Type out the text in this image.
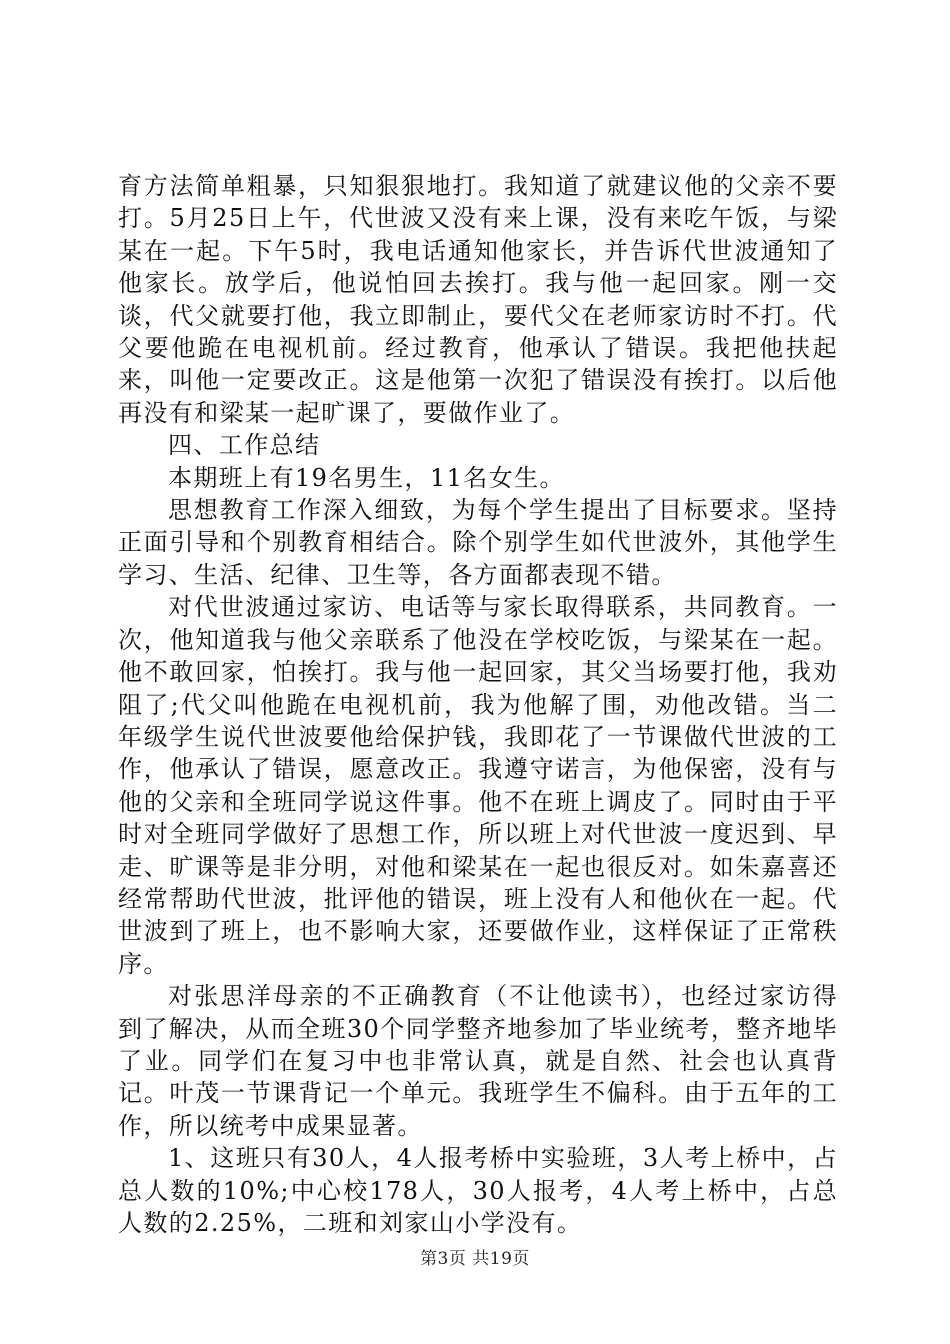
育方法简单粗暴，只知狠狠地打。我知道了就建议他的父亲不要打。5月25日上午，代世波又没有来上课，没有来吃午饭，与梁某在一起。下午5时，我电话通知他家长，并告诉代世波通知了他家长。放学后，他说怕回去挨打。我与他一起回家。刚一交谈，代父就要打他，我立即制止，要代父在老师家访时不打。代父要他跪在电视机前。经过教育，他承认了错误。我把他扶起来，叫他一定要改正。这是他第一次犯了错误没有挨打。以后他再没有和梁某一起旷课了，要做作业了。

四、工作总结

本期班上有19名男生，11名女生。

思想教育工作深入细致，为每个学生提出了目标要求。坚持正面引导和个别教育相结合。除个别学生如代世波外，其他学生学习、生活、纪律、卫生等，各方面都表现不错。

对代世波通过家访、电话等与家长取得联系，共同教育。一次，他知道我与他父亲联系了他没在学校吃饭，与梁某在一起。他不敢回家，怕挨打。我与他一起回家，其父当场要打他，我劝阻了;代父叫他跪在电视机前，我为他解了围，劝他改错。当二年级学生说代世波要他给保护钱，我即花了一节课做代世波的工作，他承认了错误，愿意改正。我遵守诺言，为他保密，没有与他的父亲和全班同学说这件事。他不在班上调皮了。同时由于平时对全班同学做好了思想工作，所以班上对代世波一度迟到、早走、旷课等是非分明，对他和梁某在一起也很反对。如朱嘉喜还经常帮助代世波，批评他的错误，班上没有人和他伙在一起。代世波到了班上，也不影响大家，还要做作业，这样保证了正常秩序。

对张思洋母亲的不正确教育（不让他读书），也经过家访得到了解决，从而全班30个同学整齐地参加了毕业统考，整齐地毕了业。同学们在复习中也非常认真，就是自然、社会也认真背记。叶茂一节课背记一个单元。我班学生不偏科。由于五年的工作，所以统考中成果显著。

1、这班只有30人，4人报考桥中实验班，3人考上桥中，占总人数的10%;中心校178人，30人报考，4人考上桥中，占总人数的2.25%，二班和刘家山小学没有。

第3页 共19页
